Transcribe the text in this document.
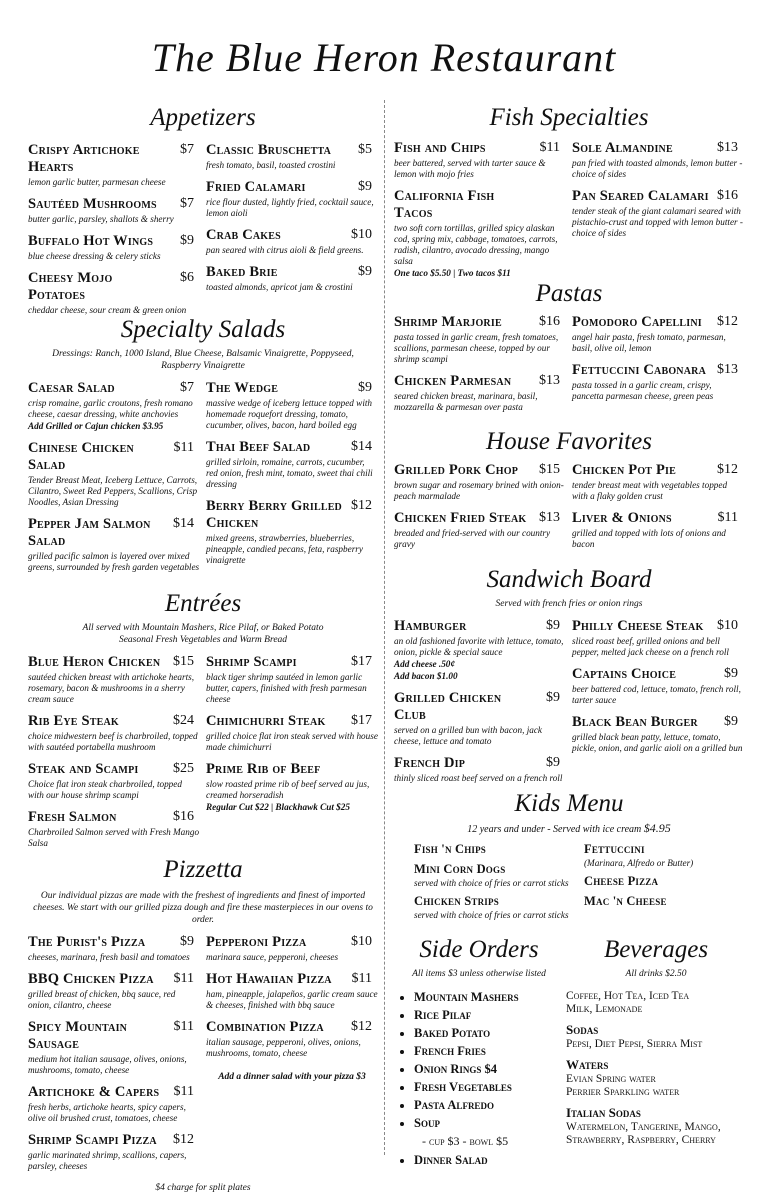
The Blue Heron Restaurant
Appetizers
Crispy Artichoke Hearts
$7
lemon garlic butter, parmesan cheese
Sautéed Mushrooms	$7
butter garlic, parsley, shallots & sherry
Buffalo Hot Wings	$9
blue cheese dressing & celery sticks
Cheesy Mojo Potatoes
$6
cheddar cheese, sour cream & green onion
Classic Bruschetta	$5
fresh tomato, basil, toasted crostini
Fried Calamari	$9
rice flour dusted, lightly fried, cocktail sauce, lemon aioli
Crab Cakes	$10
pan seared with citrus aioli & field greens.
Baked Brie	$9
toasted almonds, apricot jam & crostini
Specialty Salads
Dressings: Ranch, 1000 Island, Blue Cheese, Balsamic Vinaigrette, Poppyseed, Raspberry Vinaigrette
Caesar Salad	$7
crisp romaine, garlic croutons, fresh romano cheese, caesar dressing, white anchovies
Add Grilled or Cajun chicken $3.95
Chinese Chicken Salad
$11
Tender Breast Meat, Iceberg Lettuce, Carrots, Cilantro, Sweet Red Peppers, Scallions, Crisp Noodles, Asian Dressing
Pepper Jam Salmon Salad
$14
grilled pacific salmon is layered over mixed greens, surrounded by fresh garden vegetables
The Wedge	$9
massive wedge of iceberg lettuce topped with homemade roquefort dressing, tomato, cucumber, olives, bacon, hard boiled egg
Thai Beef Salad	$14
grilled sirloin, romaine, carrots, cucumber, red onion, fresh mint, tomato, sweet thai chili dressing
Berry Berry Grilled Chicken
$12
mixed greens, strawberries, blueberries, pineapple, candied pecans, feta, raspberry vinaigrette
Entrées
All served with Mountain Mashers, Rice Pilaf, or Baked Potato
Seasonal Fresh Vegetables and Warm Bread
Blue Heron Chicken $15
sautéed chicken breast with artichoke hearts, rosemary, bacon & mushrooms in a sherry cream sauce
Rib Eye Steak	$24
choice midwestern beef is charbroiled, topped with sautéed portabella mushroom
Steak and Scampi	$25
Choice flat iron steak charbroiled, topped with our house shrimp scampi
Fresh Salmon	$16
Charbroiled Salmon served with Fresh Mango Salsa
Shrimp Scampi	$17
black tiger shrimp sautéed in lemon garlic butter, capers, finished with fresh parmesan cheese
Chimichurri Steak	$17
grilled choice flat iron steak served with house made chimichurri
Prime Rib of Beef
slow roasted prime rib of beef served au jus, creamed horseradish
Regular Cut $22 | Blackhawk Cut $25
Pizzetta
Our individual pizzas are made with the freshest of ingredients and finest of imported cheeses. We start with our grilled pizza dough and fire these masterpieces in our ovens to order.
The Purist's Pizza	$9
cheeses, marinara, fresh basil and tomatoes
BBQ Chicken Pizza	$11
grilled breast of chicken, bbq sauce, red onion, cilantro, cheese
Spicy Mountain Sausage
$11
medium hot italian sausage, olives, onions, mushrooms, tomato, cheese
Artichoke & Capers	$11
fresh herbs, artichoke hearts, spicy capers, olive oil brushed crust, tomatoes, cheese
Shrimp Scampi Pizza	$12
garlic marinated shrimp, scallions, capers, parsley, cheeses
Pepperoni Pizza	$10
marinara sauce, pepperoni, cheeses
Hot Hawaiian Pizza	$11
ham, pineapple, jalapeños, garlic cream sauce & cheeses, finished with bbq sauce
Combination Pizza	$12
italian sausage, pepperoni, olives, onions, mushrooms, tomato, cheese
Add a dinner salad with your pizza $3
$4 charge for split plates
Fish Specialties
Fish and Chips	$11
beer battered, served with tarter sauce & lemon with mojo fries
California Fish Tacos
two soft corn tortillas, grilled spicy alaskan cod, spring mix, cabbage, tomatoes, carrots, radish, cilantro, avocado dressing, mango salsa
One taco $5.50 | Two tacos $11
Sole Almandine	$13
pan fried with toasted almonds, lemon butter - choice of sides
Pan Seared Calamari $16
tender steak of the giant calamari seared with pistachio-crust and topped with lemon butter - choice of sides
Pastas
Shrimp Marjorie	$16
pasta tossed in garlic cream, fresh tomatoes, scallions, parmesan cheese, topped by our shrimp scampi
Chicken Parmesan	$13
seared chicken breast, marinara, basil, mozzarella & parmesan over pasta
Pomodoro Capellini	$12
angel hair pasta, fresh tomato, parmesan, basil, olive oil, lemon
Fettuccini Cabonara $13
pasta tossed in a garlic cream, crispy, pancetta parmesan cheese, green peas
House Favorites
Grilled Pork Chop	$15
brown sugar and rosemary brined with onion-peach marmalade
Chicken Fried Steak $13
breaded and fried-served with our country gravy
Chicken Pot Pie	$12
tender breast meat with vegetables topped with a flaky golden crust
Liver & Onions	$11
grilled and topped with lots of onions and bacon
Sandwich Board
Served with french fries or onion rings
Hamburger	$9
an old fashioned favorite with lettuce, tomato, onion, pickle & special sauce
Add cheese .50¢
Add bacon $1.00
Grilled Chicken Club
$9
served on a grilled bun with bacon, jack cheese, lettuce and tomato
French Dip	$9
thinly sliced roast beef served on a french roll
Philly Cheese Steak $10
sliced roast beef, grilled onions and bell pepper, melted jack cheese on a french roll
Captains Choice	$9
beer battered cod, lettuce, tomato, french roll, tarter sauce
Black Bean Burger	$9
grilled black bean patty, lettuce, tomato, pickle, onion, and garlic aioli on a grilled bun
Kids Menu
12 years and under - Served with ice cream $4.95
Fish 'n Chips
Mini Corn Dogs
served with choice of fries or carrot sticks
Chicken Strips
served with choice of fries or carrot sticks
Fettuccini
(Marinara, Alfredo or Butter)
Cheese Pizza
Mac 'n Cheese
Side Orders
All items $3 unless otherwise listed
• Mountain Mashers
• Rice Pilaf
• Baked Potato
• French Fries
• Onion Rings $4
• Fresh Vegetables
• Pasta Alfredo
• Soup
- cup $3 - bowl $5
• Dinner Salad
Beverages
All drinks $2.50
Coffee, Hot Tea, Iced Tea
Milk, Lemonade
Sodas
Pepsi, Diet Pepsi, Sierra Mist
Waters
Evian Spring water
Perrier Sparkling water
Italian Sodas
Watermelon, Tangerine, Mango,
Strawberry, Raspberry, Cherry
